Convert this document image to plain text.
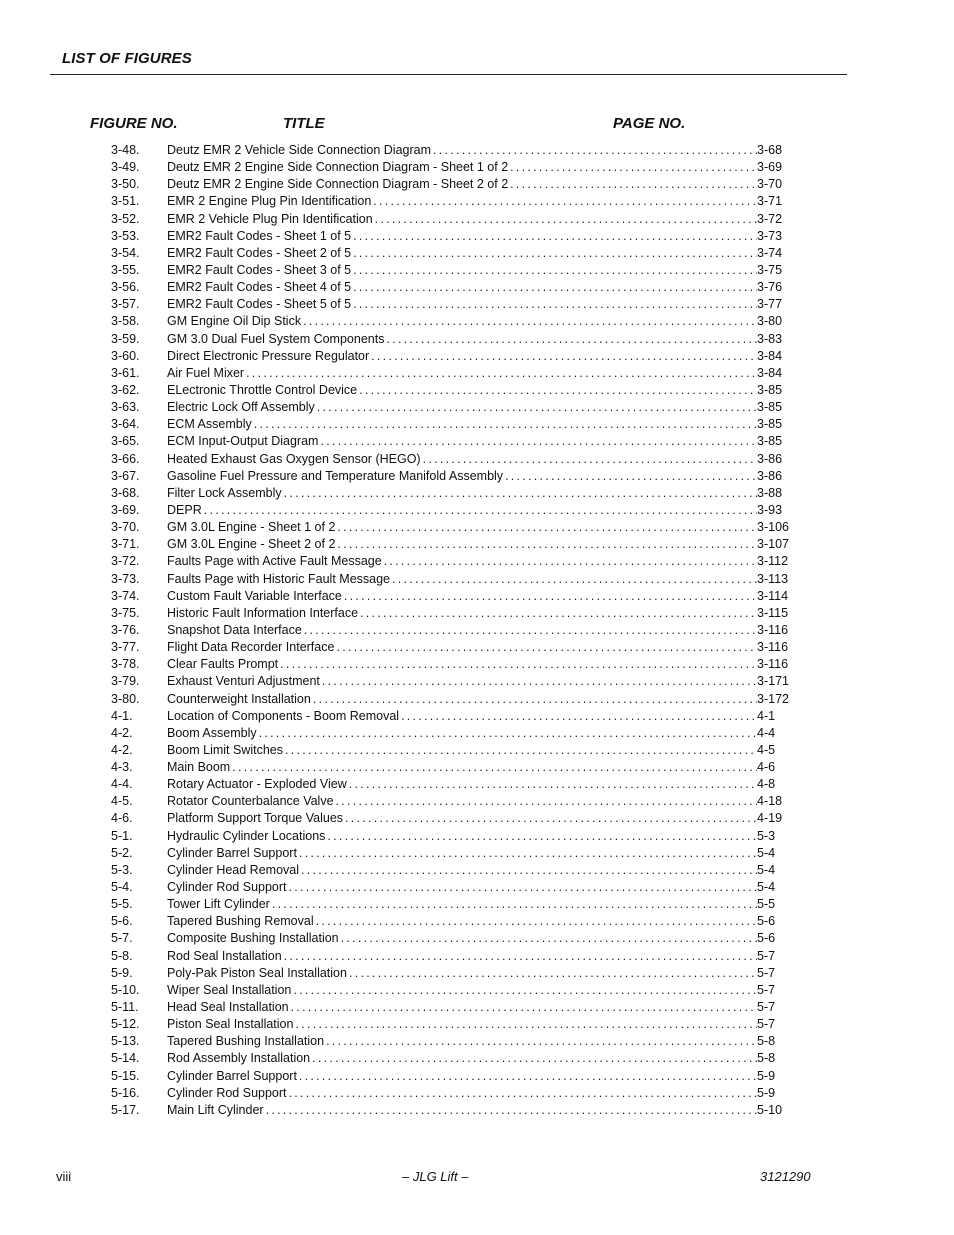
LIST OF FIGURES
FIGURE NO.	TITLE	PAGE NO.
3-48. Deutz EMR 2 Vehicle Side Connection Diagram . . .	3-68
3-49. Deutz EMR 2 Engine Side Connection Diagram - Sheet 1 of 2 . . .	3-69
3-50. Deutz EMR 2 Engine Side Connection Diagram - Sheet 2 of 2 . . .	3-70
3-51. EMR 2 Engine Plug Pin Identification . . .	3-71
3-52. EMR 2 Vehicle Plug Pin Identification . . .	3-72
3-53. EMR2 Fault Codes - Sheet 1 of 5 . . .	3-73
3-54. EMR2 Fault Codes - Sheet 2 of 5 . . .	3-74
3-55. EMR2 Fault Codes - Sheet 3 of 5 . . .	3-75
3-56. EMR2 Fault Codes - Sheet 4 of 5 . . .	3-76
3-57. EMR2 Fault Codes - Sheet 5 of 5 . . .	3-77
3-58. GM Engine Oil Dip Stick . . .	3-80
3-59. GM 3.0 Dual Fuel System Components . . .	3-83
3-60. Direct Electronic Pressure Regulator . . .	3-84
3-61. Air Fuel Mixer . . .	3-84
3-62. ELectronic Throttle Control Device . . .	3-85
3-63. Electric Lock Off Assembly . . .	3-85
3-64. ECM Assembly . . .	3-85
3-65. ECM Input-Output Diagram . . .	3-85
3-66. Heated Exhaust Gas Oxygen Sensor (HEGO) . . .	3-86
3-67. Gasoline Fuel Pressure and Temperature Manifold Assembly . . .	3-86
3-68. Filter Lock Assembly . . .	3-88
3-69. DEPR . . .	3-93
3-70. GM 3.0L Engine - Sheet 1 of 2 . . .	3-106
3-71. GM 3.0L Engine - Sheet 2 of 2 . . .	3-107
3-72. Faults Page with Active Fault Message . . .	3-112
3-73. Faults Page with Historic Fault Message . . .	3-113
3-74. Custom Fault Variable Interface . . .	3-114
3-75. Historic Fault Information Interface . . .	3-115
3-76. Snapshot Data Interface . . .	3-116
3-77. Flight Data Recorder Interface . . .	3-116
3-78. Clear Faults Prompt . . .	3-116
3-79. Exhaust Venturi Adjustment . . .	3-171
3-80. Counterweight Installation . . .	3-172
4-1.	Location of Components - Boom Removal . . .	4-1
4-2.	Boom Assembly . . .	4-4
4-2.	Boom Limit Switches . . .	4-5
4-3.	Main Boom . . .	4-6
4-4.	Rotary Actuator - Exploded View . . .	4-8
4-5.	Rotator Counterbalance Valve . . .	4-18
4-6.	Platform Support Torque Values . . .	4-19
5-1.	Hydraulic Cylinder Locations . . .	5-3
5-2.	Cylinder Barrel Support . . .	5-4
5-3.	Cylinder Head Removal . . .	5-4
5-4.	Cylinder Rod Support . . .	5-4
5-5.	Tower Lift Cylinder . . .	5-5
5-6.	Tapered Bushing Removal . . .	5-6
5-7.	Composite Bushing Installation . . .	5-6
5-8.	Rod Seal Installation . . .	5-7
5-9.	Poly-Pak Piston Seal Installation . . .	5-7
5-10. Wiper Seal Installation . . .	5-7
5-11. Head Seal Installation . . .	5-7
5-12. Piston Seal Installation . . .	5-7
5-13. Tapered Bushing Installation . . .	5-8
5-14. Rod Assembly Installation . . .	5-8
5-15. Cylinder Barrel Support . . .	5-9
5-16. Cylinder Rod Support . . .	5-9
5-17. Main Lift Cylinder . . .	5-10
viii	– JLG Lift –	3121290
